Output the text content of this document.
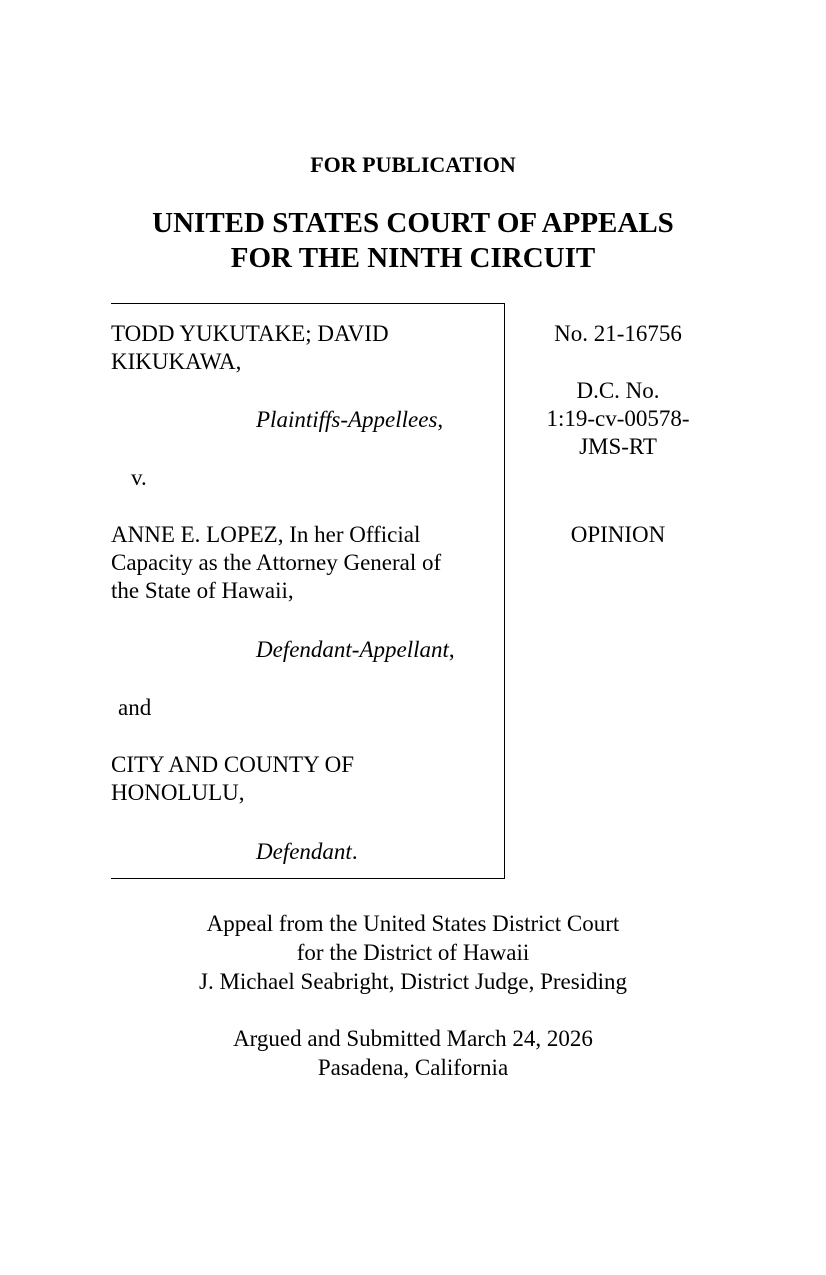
FOR PUBLICATION
UNITED STATES COURT OF APPEALS
FOR THE NINTH CIRCUIT
TODD YUKUTAKE; DAVID
KIKUKAWA,
Plaintiffs-Appellees,
v.
ANNE E. LOPEZ, In her Official
Capacity as the Attorney General of
the State of Hawaii,
Defendant-Appellant,
and
CITY AND COUNTY OF
HONOLULU,
Defendant.
No. 21-16756
D.C. No.
1:19-cv-00578-
JMS-RT
OPINION
Appeal from the United States District Court
for the District of Hawaii
J. Michael Seabright, District Judge, Presiding
Argued and Submitted March 24, 2026
Pasadena, California
